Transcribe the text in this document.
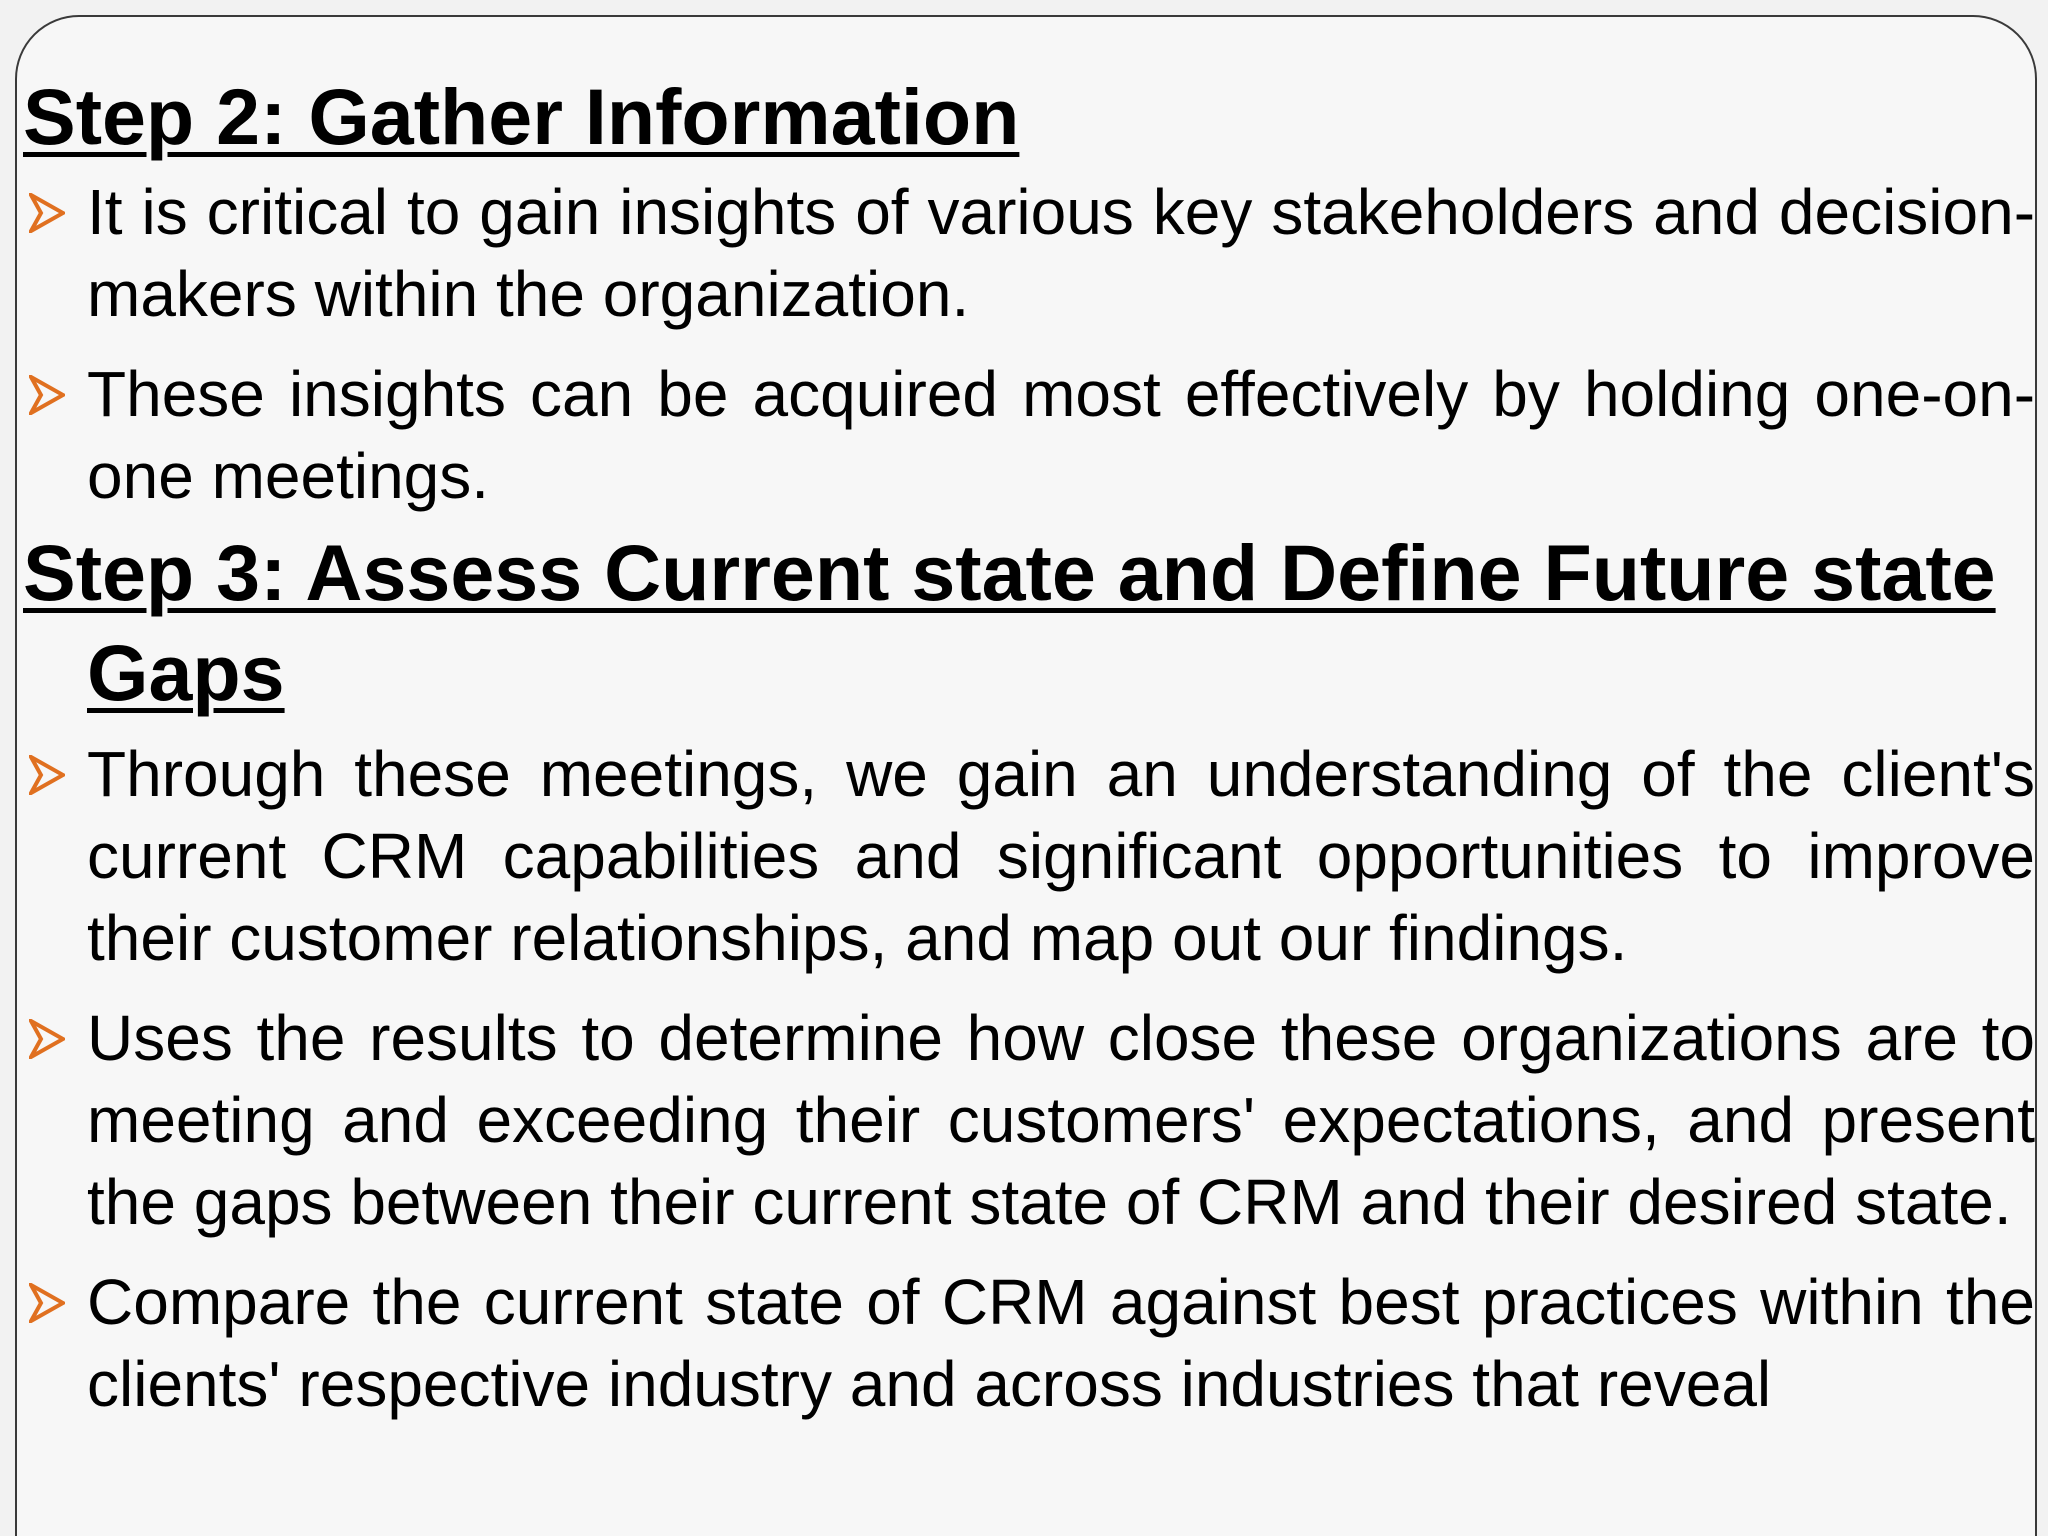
Step 2: Gather Information

It is critical to gain insights of various key stakeholders and decision-makers within the organization.

These insights can be acquired most effectively by holding one-on-one meetings.

Step 3: Assess Current state and Define Future state Gaps

Through these meetings, we gain an understanding of the client's current CRM capabilities and significant opportunities to improve their customer relationships, and map out our findings.

Uses the results to determine how close these organizations are to meeting and exceeding their customers' expectations, and present the gaps between their current state of CRM and their desired state.

Compare the current state of CRM against best practices within the clients' respective industry and across industries that reveal
